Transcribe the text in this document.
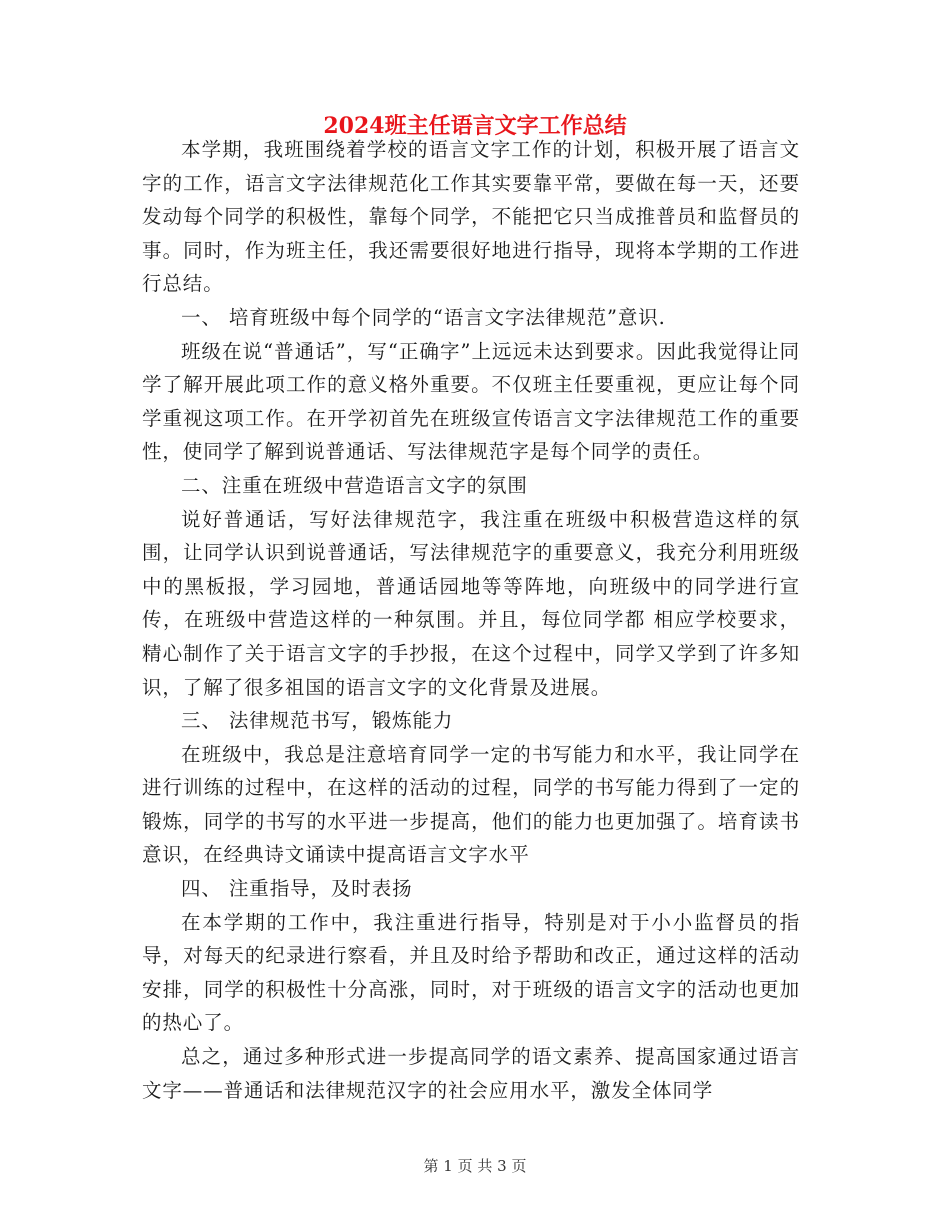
2024班主任语言文字工作总结

本学期，我班围绕着学校的语言文字工作的计划，积极开展了语言文字的工作，语言文字法律规范化工作其实要靠平常，要做在每一天，还要发动每个同学的积极性，靠每个同学，不能把它只当成推普员和监督员的事。同时，作为班主任，我还需要很好地进行指导，现将本学期的工作进行总结。

一、 培育班级中每个同学的“语言文字法律规范”意识.

班级在说“普通话”，写“正确字”上远远未达到要求。因此我觉得让同学了解开展此项工作的意义格外重要。不仅班主任要重视，更应让每个同学重视这项工作。在开学初首先在班级宣传语言文字法律规范工作的重要性，使同学了解到说普通话、写法律规范字是每个同学的责任。

二、注重在班级中营造语言文字的氛围

说好普通话，写好法律规范字，我注重在班级中积极营造这样的氛围，让同学认识到说普通话，写法律规范字的重要意义，我充分利用班级中的黑板报，学习园地，普通话园地等等阵地，向班级中的同学进行宣传，在班级中营造这样的一种氛围。并且，每位同学都 相应学校要求，精心制作了关于语言文字的手抄报，在这个过程中，同学又学到了许多知识，了解了很多祖国的语言文字的文化背景及进展。

三、 法律规范书写，锻炼能力

在班级中，我总是注意培育同学一定的书写能力和水平，我让同学在进行训练的过程中，在这样的活动的过程，同学的书写能力得到了一定的锻炼，同学的书写的水平进一步提高，他们的能力也更加强了。培育读书意识，在经典诗文诵读中提高语言文字水平

四、 注重指导，及时表扬

在本学期的工作中，我注重进行指导，特别是对于小小监督员的指导，对每天的纪录进行察看，并且及时给予帮助和改正，通过这样的活动安排，同学的积极性十分高涨，同时，对于班级的语言文字的活动也更加的热心了。

总之，通过多种形式进一步提高同学的语文素养、提高国家通过语言文字——普通话和法律规范汉字的社会应用水平，激发全体同学

第 1 页 共 3 页
